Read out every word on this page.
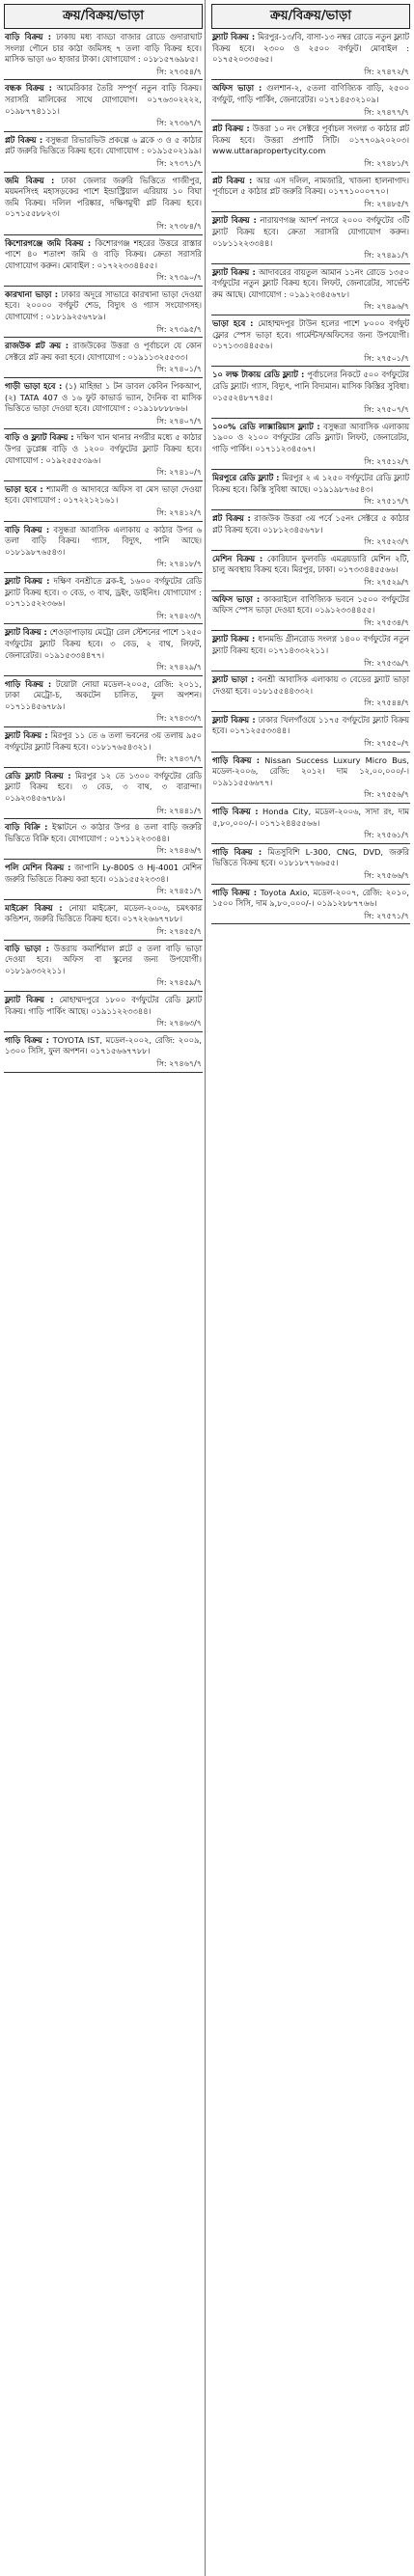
ক্রয়/বিক্রয়/ভাড়া
বাড়ি বিক্রয় : ঢাকায় মধ্য বাড্ডা বাজার রোডে গুদারাঘাট সংলগ্ন পৌনে চার কাঠা জমিসহ ৭ তলা বাড়ি বিক্রয় হবে। মাসিক ভাড়া ৬০ হাজার টাকা। যোগাযোগ : ০১৮১৫৭৬৯৮৫।
সি: ২৭৩৫৪/৭
বন্ধক বিক্রয় : আমেরিকার তৈরি সম্পূর্ণ নতুন বাড়ি বিক্রয়। সরাসরি মালিকের সাথে যোগাযোগ। ০১৭৬৩০২২২২, ০১৯৮৭৭৪১১১।
সি: ২৭৩৬৭/৭
প্লট বিক্রয় : বসুন্ধরা রিভারভিউ প্রকল্পে ৬ ব্লকে ৩ ও ৫ কাঠার প্লট জরুরি ভিত্তিতে বিক্রয় হবে। যোগাযোগ : ০১৯১৫০২১৯৯।
সি: ২৭৩৭১/৭
জমি বিক্রয় : ঢাকা জেলার জরুরি ভিত্তিতে গাজীপুর, ময়মনসিংহ মহাসড়কের পাশে ইন্ডাস্ট্রিয়াল এরিয়ায় ১০ বিঘা জমি বিক্রয়। দলিল পরিষ্কার, দক্ষিণমুখী প্লট বিক্রয় হবে। ০১৭১৫৫৮৮২৩।
সি: ২৭৩৮৪/৭
কিশোরগঞ্জে জমি বিক্রয় : কিশোরগঞ্জ শহরের উত্তরে রাস্তার পাশে ৪০ শতাংশ জমি ও বাড়ি বিক্রয়। ক্রেতা সরাসরি যোগাযোগ করুন। মোবাইল : ০১৭২২৩৩৪৪৫৫।
সি: ২৭৩৯০/৭
কারখানা ভাড়া : ঢাকার অদূরে সাভারে কারখানা ভাড়া দেওয়া হবে। ২০০০০ বর্গফুট শেড, বিদ্যুৎ ও গ্যাস সংযোগসহ। যোগাযোগ : ০১৮১৯২৫৬৭৮৯।
সি: ২৭৩৯৫/৭
রাজউক প্লট ক্রয় : রাজউকের উত্তরা ও পূর্বাচলে যে কোন সেক্টরে প্লট ক্রয় করা হবে। যোগাযোগ : ০১৯১১৩২৫৫৩৩।
সি: ২৭৪০১/৭
গাড়ী ভাড়া হবে : (১) মাহিন্দ্রা ১ টন ডাবল কেবিন পিকআপ, (২) TATA 407 ও ১৬ ফুট কাভার্ড ভ্যান, দৈনিক বা মাসিক ভিত্তিতে ভাড়া দেওয়া হবে। যোগাযোগ : ০১৯১৮৮৮৮৬৬।
সি: ২৭৪০৭/৭
বাড়ি ও ফ্ল্যাট বিক্রয় : দক্ষিণ খান থানার নগরীর মধ্যে ৫ কাঠার উপর ডুপ্লেক্স বাড়ি ও ১২০০ বর্গফুটের ফ্ল্যাট বিক্রয় হবে। যোগাযোগ : ০১৯২৫৫৫৩৯৬।
সি: ২৭৪১০/৭
ভাড়া হবে : শ্যামলী ও আদাবরে অফিস বা মেস ভাড়া দেওয়া হবে। যোগাযোগ : ০১৭২২১২১৬১।
সি: ২৭৪১২/৭
বাড়ি বিক্রয় : বসুন্ধরা আবাসিক এলাকায় ৫ কাঠার উপর ৬ তলা বাড়ি বিক্রয়। গ্যাস, বিদ্যুৎ, পানি আছে। ০১৮১৯৮৭৬৫৪৩।
সি: ২৭৪১৮/৭
ফ্ল্যাট বিক্রয় : দক্ষিণ বনশ্রীতে ব্লক-ই, ১৬০০ বর্গফুটের রেডি ফ্ল্যাট বিক্রয় হবে। ৩ বেড, ৩ বাথ, ড্রইং, ডাইনিং। যোগাযোগ : ০১৭১১৫২২৩৬৬।
সি: ২৭৪২৩/৭
ফ্ল্যাট বিক্রয় : শেওড়াপাড়ায় মেট্রো রেল স্টেশনের পাশে ১২৫০ বর্গফুটের ফ্ল্যাট বিক্রয় হবে। ৩ বেড, ২ বাথ, লিফট, জেনারেটর। ০১৯১৫৩৩৪৪৭৭।
সি: ২৭৪২৯/৭
গাড়ি বিক্রয় : টয়োটা নোয়া মডেল-২০০৫, রেজি: ২০১১, ঢাকা মেট্রো-চ, অকটেন চালিত, ফুল অপশন। ০১৭১১৪৫৬৭৮৯।
সি: ২৭৪৩৩/৭
ফ্ল্যাট বিক্রয় : মিরপুর ১১ তে ৬ তলা ভবনের ৩য় তলায় ৯৫০ বর্গফুটের ফ্ল্যাট বিক্রয় হবে। ০১৮১৭৬৫৪৩২১।
সি: ২৭৪৩৭/৭
রেডি ফ্ল্যাট বিক্রয় : মিরপুর ১২ তে ১৩০০ বর্গফুটের রেডি ফ্ল্যাট বিক্রয় হবে। ৩ বেড, ৩ বাথ, ৩ বারান্দা। ০১৯২৩৪৫৬৭৮৯।
সি: ২৭৪৪১/৭
বাড়ি বিক্রি : ইস্কাটনে ৩ কাঠার উপর ৪ তলা বাড়ি জরুরি ভিত্তিতে বিক্রি হবে। যোগাযোগ : ০১৭১১২২৩৩৪৪।
সি: ২৭৪৪৬/৭
পলি মেশিন বিক্রয় : জাপানি Ly-800S ও Hj-4001 মেশিন জরুরি ভিত্তিতে বিক্রয় করা হবে। ০১৯১৫৫২২৩৩৪।
সি: ২৭৪৫১/৭
মাইক্রো বিক্রয় : নোয়া মাইক্রো, মডেল-২০০৬, চমৎকার কন্ডিশন, জরুরি ভিত্তিতে বিক্রয় হবে। ০১৭২২৬৬৭৭৮৮।
সি: ২৭৪৫৫/৭
বাড়ি ভাড়া : উত্তরায় কমার্শিয়াল প্লটে ৫ তলা বাড়ি ভাড়া দেওয়া হবে। অফিস বা স্কুলের জন্য উপযোগী। ০১৮১৯৩৩২২১১।
সি: ২৭৪৫৯/৭
ফ্ল্যাট বিক্রয় : মোহাম্মদপুরে ১৮০০ বর্গফুটের রেডি ফ্ল্যাট বিক্রয়। গাড়ি পার্কিং আছে। ০১৯১১২২৩৩৪৪।
সি: ২৭৪৬৩/৭
গাড়ি বিক্রয় : TOYOTA IST, মডেল-২০০২, রেজি: ২০০৯, ১৩০০ সিসি, ফুল অপশন। ০১৭১৫৬৬৭৭৮৮।
সি: ২৭৪৬৭/৭
ক্রয়/বিক্রয়/ভাড়া
ফ্ল্যাট বিক্রয় : মিরপুর-১৩/বি, বাসা-১৩ নম্বর রোডে নতুন ফ্ল্যাট বিক্রয় হবে। ২৩০০ ও ২৫০০ বর্গফুট। মোবাইল : ০১৭৫২০৩৩৫৬৫।
সি: ২৭৪৭২/৭
অফিস ভাড়া : গুলশান-২, ৫তলা বাণিজ্যিক বাড়ি, ২৫০০ বর্গফুট, গাড়ি পার্কিং, জেনারেটর। ০১৭১৪৫৩২১০৯।
সি: ২৭৪৭৭/৭
প্লট বিক্রয় : উত্তরা ১০ নং সেক্টরে পূর্বাচল সংলগ্ন ৩ কাঠার প্লট বিক্রয় হবে। উত্তরা প্রপার্টি সিটি। ০১৭৭০৯২০২০৩। www.uttarapropertycity.com
সি: ২৭৪৮১/৭
প্লট বিক্রয় : আর এস দলিল, নামজারি, খাজনা হালনাগাদ। পূর্বাচলে ৫ কাঠার প্লট জরুরি বিক্রয়। ০১৭৭১০০০৭৭০।
সি: ২৭৪৮৫/৭
ফ্ল্যাট বিক্রয় : নারায়ণগঞ্জ আদর্শ নগরে ২০০০ বর্গফুটের ৩টি ফ্ল্যাট বিক্রয় হবে। ক্রেতা সরাসরি যোগাযোগ করুন। ০১৮১১২২৩৩৪৪।
সি: ২৭৪৯১/৭
ফ্ল্যাট বিক্রয় : আদাবরের বায়তুল আমান ১১নং রোডে ১৩৫০ বর্গফুটের নতুন ফ্ল্যাট বিক্রয় হবে। লিফট, জেনারেটর, সার্ভেন্ট রুম আছে। যোগাযোগ : ০১৯১২৩৪৫৬৭৮।
সি: ২৭৪৯৬/৭
ভাড়া হবে : মোহাম্মদপুর টাউন হলের পাশে ৮০০০ বর্গফুট ফ্লোর স্পেস ভাড়া হবে। গার্মেন্টস/অফিসের জন্য উপযোগী। ০১৭১৩৩৪৪৫৫৬।
সি: ২৭৫০১/৭
১০ লক্ষ টাকায় রেডি ফ্ল্যাট : পূর্বাচলের নিকটে ৫০০ বর্গফুটের রেডি ফ্ল্যাট। গ্যাস, বিদ্যুৎ, পানি বিদ্যমান। মাসিক কিস্তির সুবিধা। ০১৫৫২৪৮৭৭৪৫।
সি: ২৭৫০৭/৭
১০০% রেডি লাক্সারিয়াস ফ্ল্যাট : বসুন্ধরা আবাসিক এলাকায় ১৯০০ ও ২১০০ বর্গফুটের রেডি ফ্ল্যাট। লিফট, জেনারেটর, গাড়ি পার্কিং। ০১৭১১২৩৪৫৬৭।
সি: ২৭৫১২/৭
মিরপুরে রেডি ফ্ল্যাট : মিরপুর ২ এ ১২৫০ বর্গফুটের রেডি ফ্ল্যাট বিক্রয় হবে। কিস্তি সুবিধা আছে। ০১৯১৯৮৭৬৫৪৩।
সি: ২৭৫১৭/৭
প্লট বিক্রয় : রাজউক উত্তরা ৩য় পর্বে ১৫নং সেক্টরে ৫ কাঠার প্লট বিক্রয় হবে। ০১৮১২৩৪৫৬৭৮।
সি: ২৭৫২৩/৭
মেশিন বিক্রয় : কোরিয়ান ফুলবডি এমব্রয়ডারি মেশিন ২টি, চালু অবস্থায় বিক্রয় হবে। মিরপুর, ঢাকা। ০১৭৩৩৪৪৫৫৬৬।
সি: ২৭৫২৯/৭
অফিস ভাড়া : কাকরাইলে বাণিজ্যিক ভবনে ১৫০০ বর্গফুটের অফিস স্পেস ভাড়া দেওয়া হবে। ০১৯১২৩৩৪৪৫৫।
সি: ২৭৫৩৪/৭
ফ্ল্যাট বিক্রয় : ধানমন্ডি গ্রীনরোড সংলগ্ন ১৪০০ বর্গফুটের নতুন ফ্ল্যাট বিক্রয় হবে। ০১৭১৪৩৩২২১১।
সি: ২৭৫৩৯/৭
ফ্ল্যাট ভাড়া : বনশ্রী আবাসিক এলাকায় ৩ বেডের ফ্ল্যাট ভাড়া দেওয়া হবে। ০১৮১৫৫৪৪৩৩২।
সি: ২৭৫৪৪/৭
ফ্ল্যাট বিক্রয় : ঢাকার খিলগাঁওয়ে ১১৭৫ বর্গফুটের ফ্ল্যাট বিক্রয় হবে। ০১৭১২৫৫৩৩৪৪।
সি: ২৭৫৫০/৭
গাড়ি বিক্রয় : Nissan Success Luxury Micro Bus, মডেল-২০০৬, রেজি: ২০১২। দাম ১২,০০,০০০/-। ০১৯১১৫৫৬৬৭৭।
সি: ২৭৫৫৬/৭
গাড়ি বিক্রয় : Honda City, মডেল-২০০৬, সাদা রং, দাম ৫,৮০,০০০/-। ০১৭১২৪৪৫৫৬৬।
সি: ২৭৫৬১/৭
গাড়ি বিক্রয় : মিতসুবিশি L-300, CNG, DVD, জরুরি ভিত্তিতে বিক্রয় হবে। ০১৮১৮৭৭৬৬৫৫।
সি: ২৭৫৬৬/৭
গাড়ি বিক্রয় : Toyota Axio, মডেল-২০০৭, রেজি: ২০১০, ১৫০০ সিসি, দাম ৯,৮০,০০০/-। ০১৯১২৮৮৭৭৬৬।
সি: ২৭৫৭১/৭
